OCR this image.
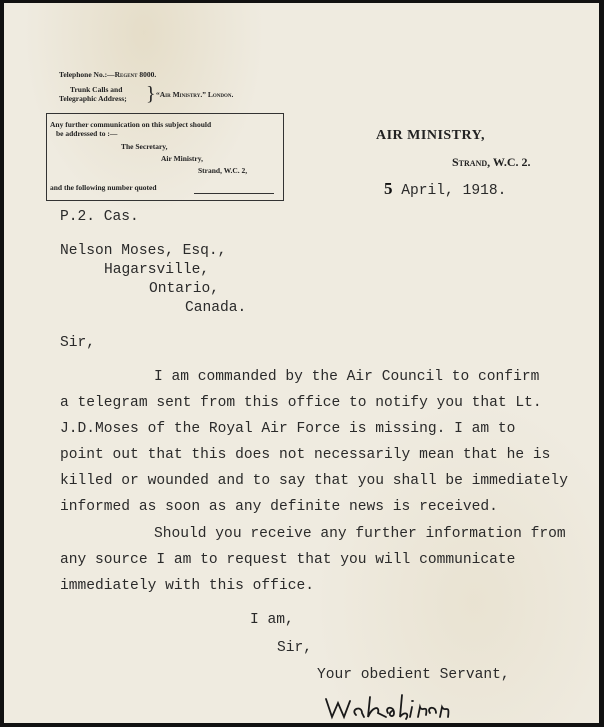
Telephone No.:—Regent 8000.
Trunk Calls and
Telegraphic Address; } “Air Ministry.” London.
Any further communication on this subject should
be addressed to :—
The Secretary,
Air Ministry,
Strand, W.C. 2,
and the following number quoted
AIR MINISTRY,
Strand, W.C. 2.
5 April, 1918.
P.2. Cas.
Nelson Moses, Esq.,
Hagarsville,
Ontario,
Canada.
Sir,
I am commanded by the Air Council to confirm
a telegram sent from this office to notify you that Lt.
J.D.Moses of the Royal Air Force is missing. I am to
point out that this does not necessarily mean that he is
killed or wounded and to say that you shall be immediately
informed as soon as any definite news is received.
Should you receive any further information from
any source I am to request that you will communicate
immediately with this office.
I am,
Sir,
Your obedient Servant,
